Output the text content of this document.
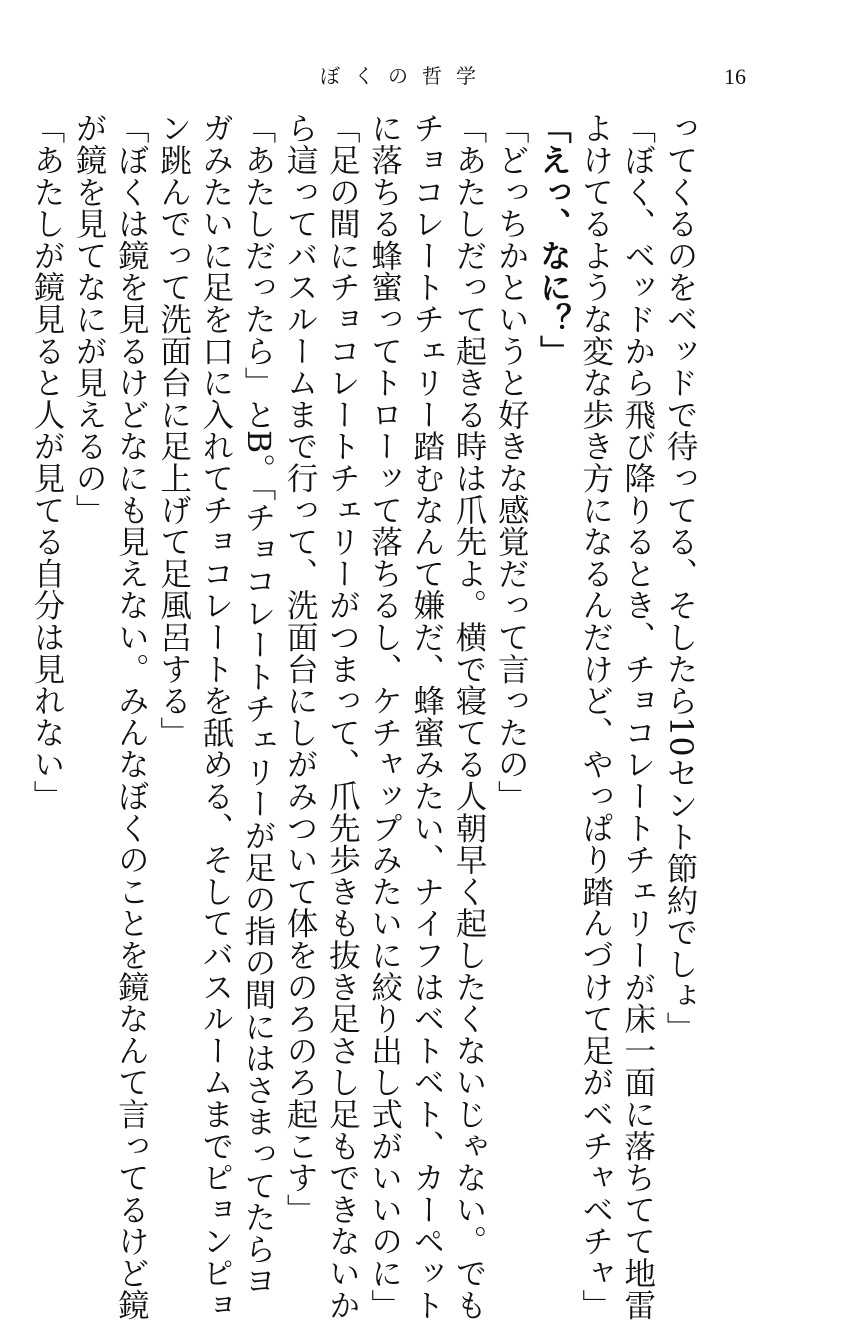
ぼくの哲学	16
ってくるのをベッドで待ってる、そしたら10セント節約でしょ」
「ぼく、ベッドから飛び降りるとき、チョコレートチェリーが床一面に落ちてて地雷
よけてるような変な歩き方になるんだけど、やっぱり踏んづけて足がベチャベチャ」
「えっ、なに？」
「どっちかというと好きな感覚だって言ったの」
「あたしだって起きる時は爪先よ。横で寝てる人朝早く起したくないじゃない。でも
チョコレートチェリー踏むなんて嫌だ、蜂蜜みたい、ナイフはベトベト、カーペット
に落ちる蜂蜜ってトローッて落ちるし、ケチャップみたいに絞り出し式がいいのに」
「足の間にチョコレートチェリーがつまって、爪先歩きも抜き足さし足もできないか
ら這ってバスルームまで行って、洗面台にしがみついて体をのろのろ起こす」
「あたしだったら」とB。「チョコレートチェリーが足の指の間にはさまってたらヨ
ガみたいに足を口に入れてチョコレートを舐める、そしてバスルームまでピョンピョ
ン跳んでって洗面台に足上げて足風呂する」
「ぼくは鏡を見るけどなにも見えない。みんなぼくのことを鏡なんて言ってるけど鏡
が鏡を見てなにが見えるの」
「あたしが鏡見ると人が見てる自分は見れない」
